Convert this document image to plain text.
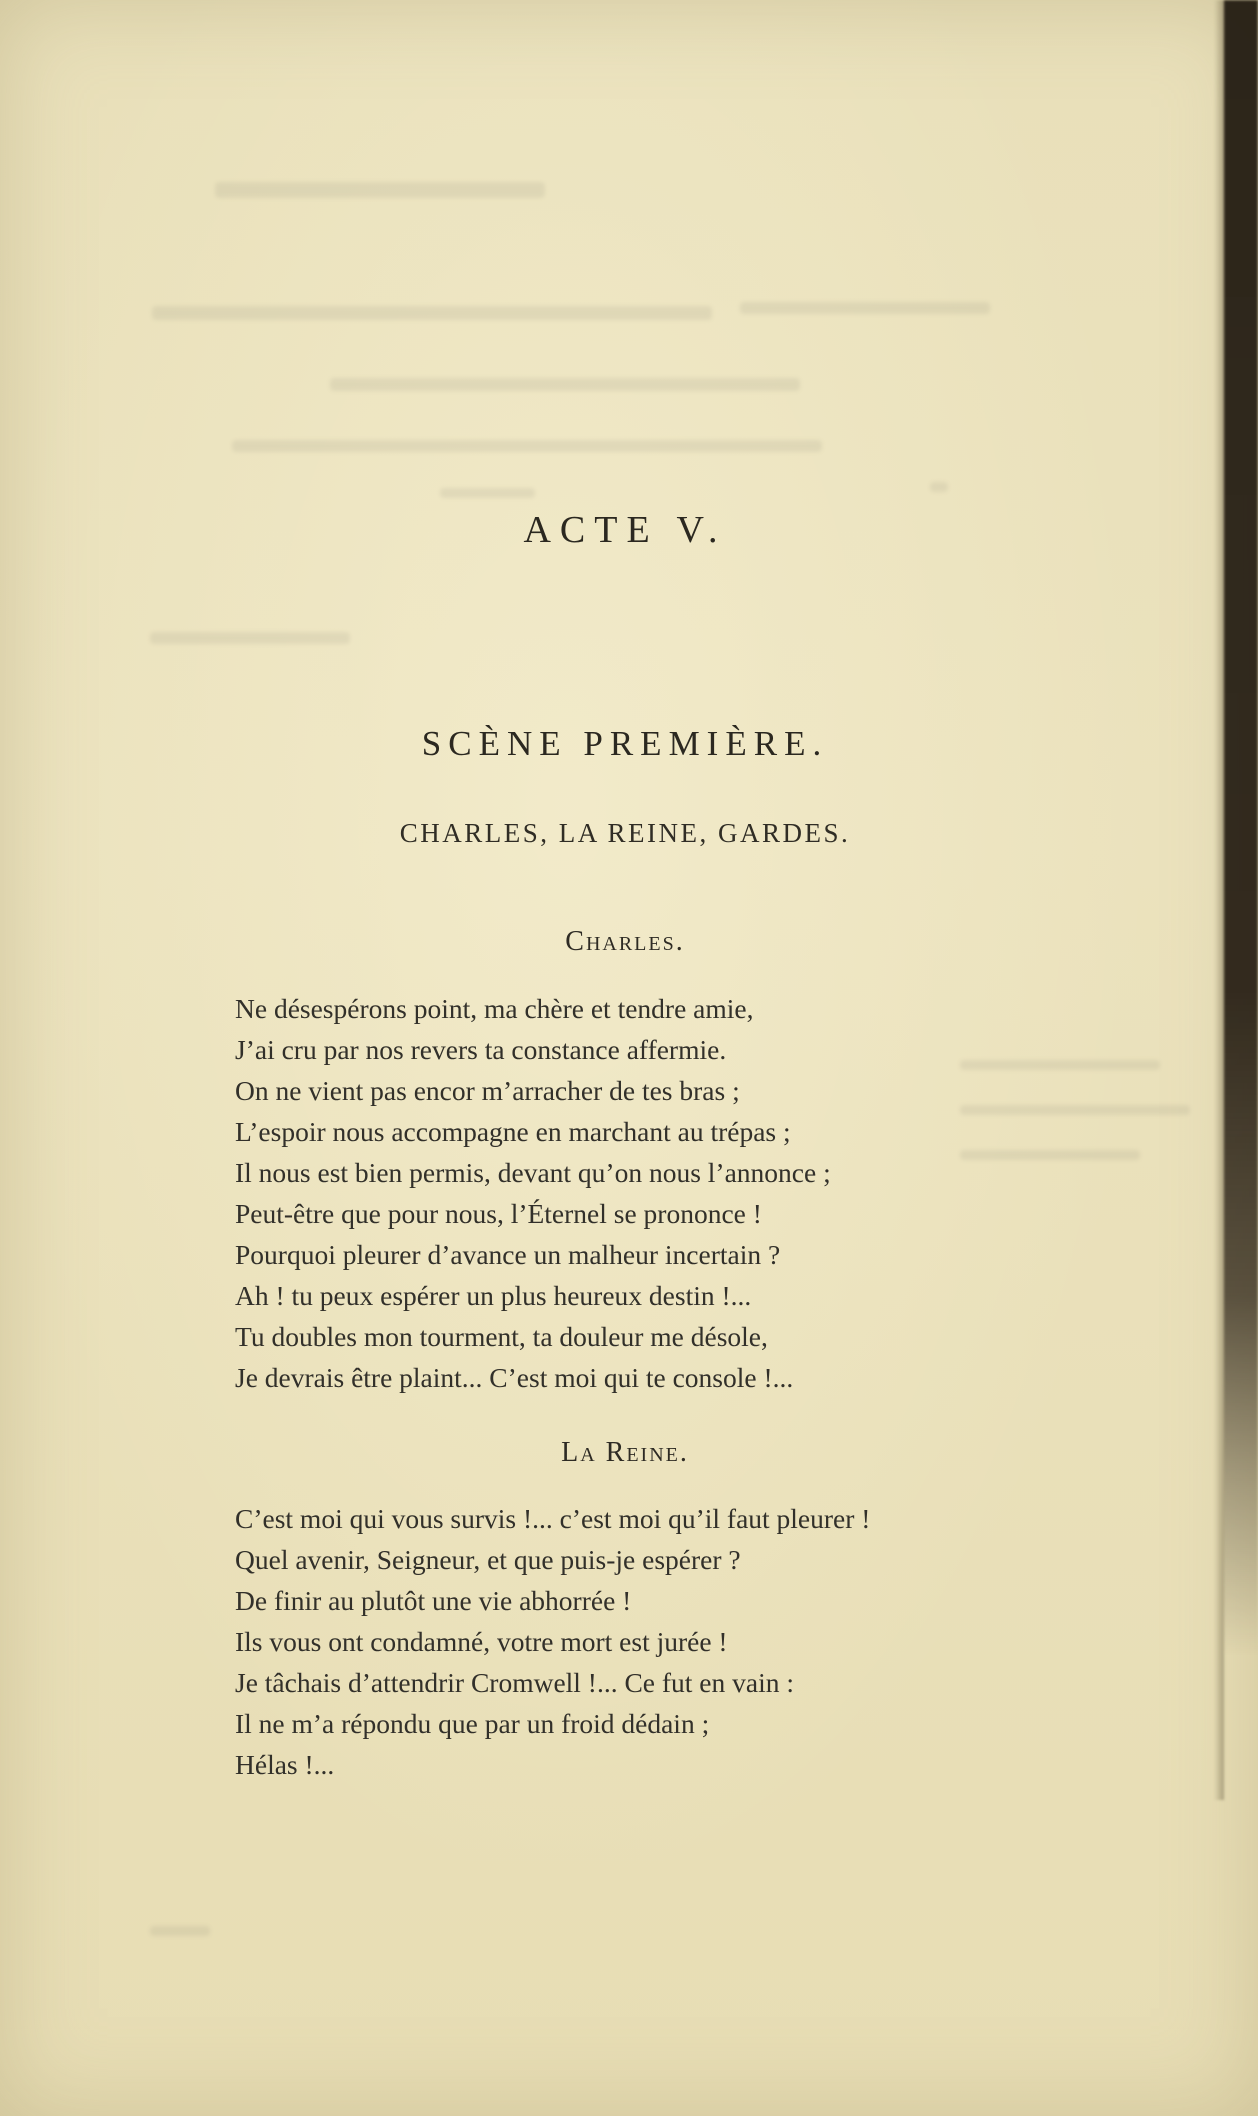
ACTE V.
SCÈNE PREMIÈRE.
CHARLES, LA REINE, GARDES.
Charles.
Ne désespérons point, ma chère et tendre amie,
J’ai cru par nos revers ta constance affermie.
On ne vient pas encor m’arracher de tes bras ;
L’espoir nous accompagne en marchant au trépas ;
Il nous est bien permis, devant qu’on nous l’annonce ;
Peut-être que pour nous, l’Éternel se prononce !
Pourquoi pleurer d’avance un malheur incertain ?
Ah ! tu peux espérer un plus heureux destin !...
Tu doubles mon tourment, ta douleur me désole,
Je devrais être plaint... C’est moi qui te console !...
La Reine.
C’est moi qui vous survis !... c’est moi qu’il faut pleurer !
Quel avenir, Seigneur, et que puis-je espérer ?
De finir au plutôt une vie abhorrée !
Ils vous ont condamné, votre mort est jurée !
Je tâchais d’attendrir Cromwell !... Ce fut en vain :
Il ne m’a répondu que par un froid dédain ;
Hélas !...
